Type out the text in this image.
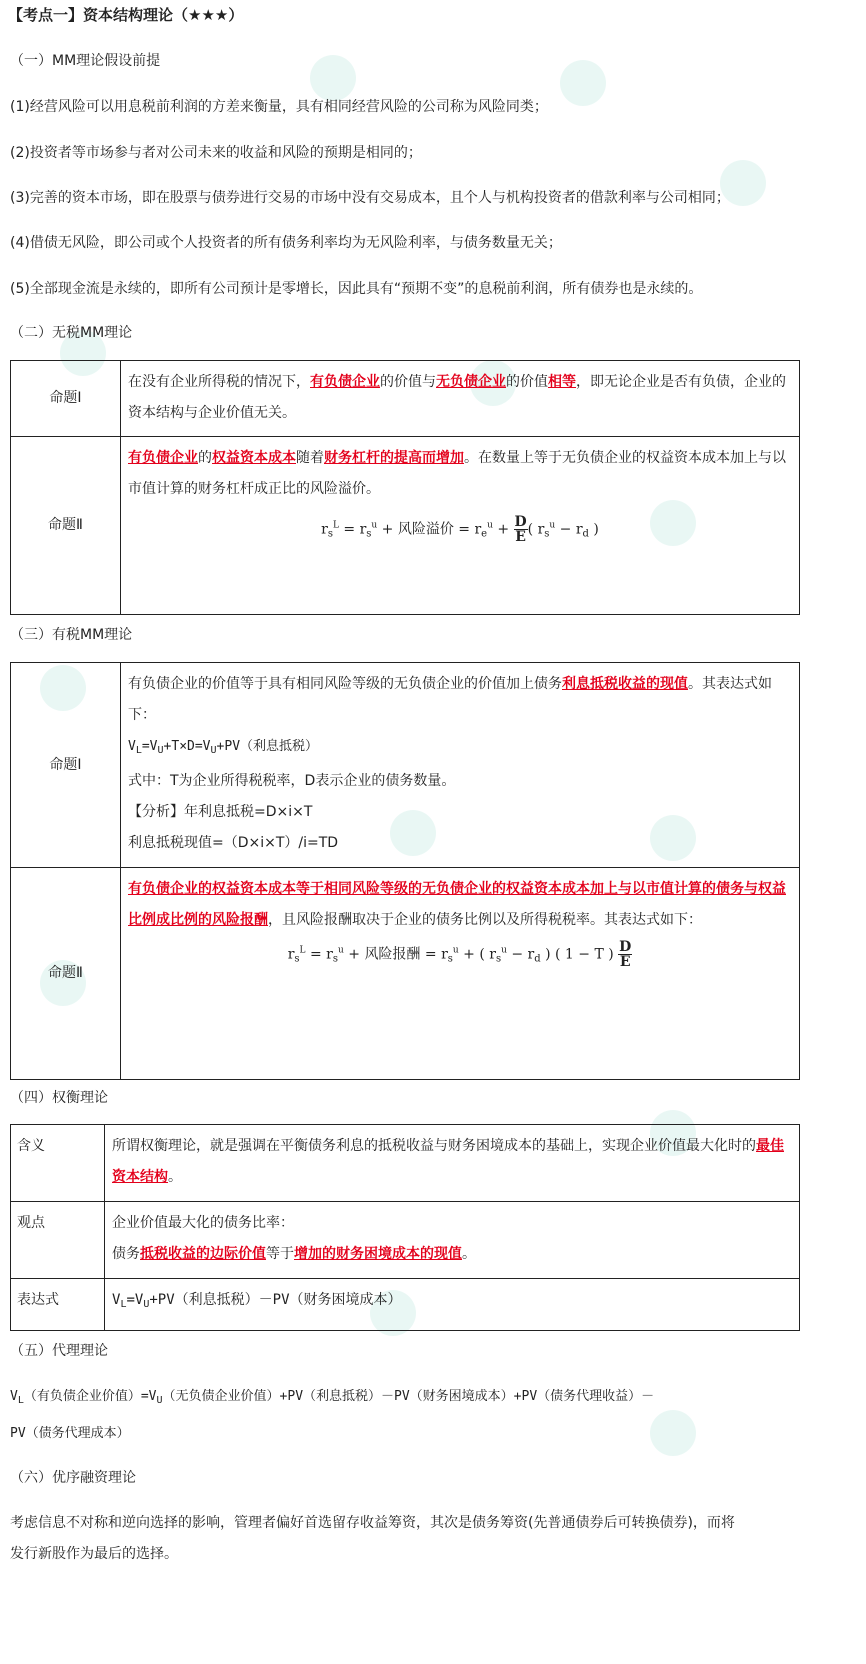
【考点一】资本结构理论（★★★）
（一）MM理论假设前提
(1)经营风险可以用息税前利润的方差来衡量，具有相同经营风险的公司称为风险同类；
(2)投资者等市场参与者对公司未来的收益和风险的预期是相同的；
(3)完善的资本市场，即在股票与债券进行交易的市场中没有交易成本，且个人与机构投资者的借款利率与公司相同；
(4)借债无风险，即公司或个人投资者的所有债务利率均为无风险利率，与债务数量无关；
(5)全部现金流是永续的，即所有公司预计是零增长，因此具有“预期不变”的息税前利润，所有债券也是永续的。
（二）无税MM理论
命题I	在没有企业所得税的情况下，有负债企业的价值与无负债企业的价值相等，即无论企业是否有负债，企业的资本结构与企业价值无关。
命题Ⅱ	有负债企业的权益资本成本随着财务杠杆的提高而增加。在数量上等于无负债企业的权益资本成本加上与以市值计算的财务杠杆成正比的风险溢价。
$r_s^L = r_s^u$ + 风险溢价 = $r_e^u + \frac{D}{E}$ ( $r_s^u - r_d$ )
（三）有税MM理论
命题I	有负债企业的价值等于具有相同风险等级的无负债企业的价值加上债务利息抵税收益的现值。其表达式如下：
$V_L=V_U+T\times D=V_U+PV$（利息抵税）
式中：T为企业所得税税率，D表示企业的债务数量。
【分析】年利息抵税=D×i×T
利息抵税现值=（D×i×T）/i=TD

命题Ⅱ	有负债企业的权益资本成本等于相同风险等级的无负债企业的权益资本成本加上与以市值计算的债务与权益比例成比例的风险报酬，且风险报酬取决于企业的债务比例以及所得税税率。其表达式如下：
$r_s^L = r_s^u$ + 风险报酬 = $r_s^u$ + ( $r_s^u - r_d$ ) ( 1 − T ) $\frac{D}{E}$
（四）权衡理论
含义	所谓权衡理论，就是强调在平衡债务利息的抵税收益与财务困境成本的基础上，实现企业价值最大化时的最佳资本结构。
观点	企业价值最大化的债务比率：
债务抵税收益的边际价值等于增加的财务困境成本的现值。

表达式	$V_L=V_U+PV$（利息抵税）－PV（财务困境成本）
（五）代理理论
$V_L$（有负债企业价值）$=V_U$（无负债企业价值）+PV（利息抵税）－PV（财务困境成本）+PV（债务代理收益）－
PV（债务代理成本）
（六）优序融资理论
考虑信息不对称和逆向选择的影响，管理者偏好首选留存收益筹资，其次是债务筹资(先普通债券后可转换债券)，而将
发行新股作为最后的选择。
